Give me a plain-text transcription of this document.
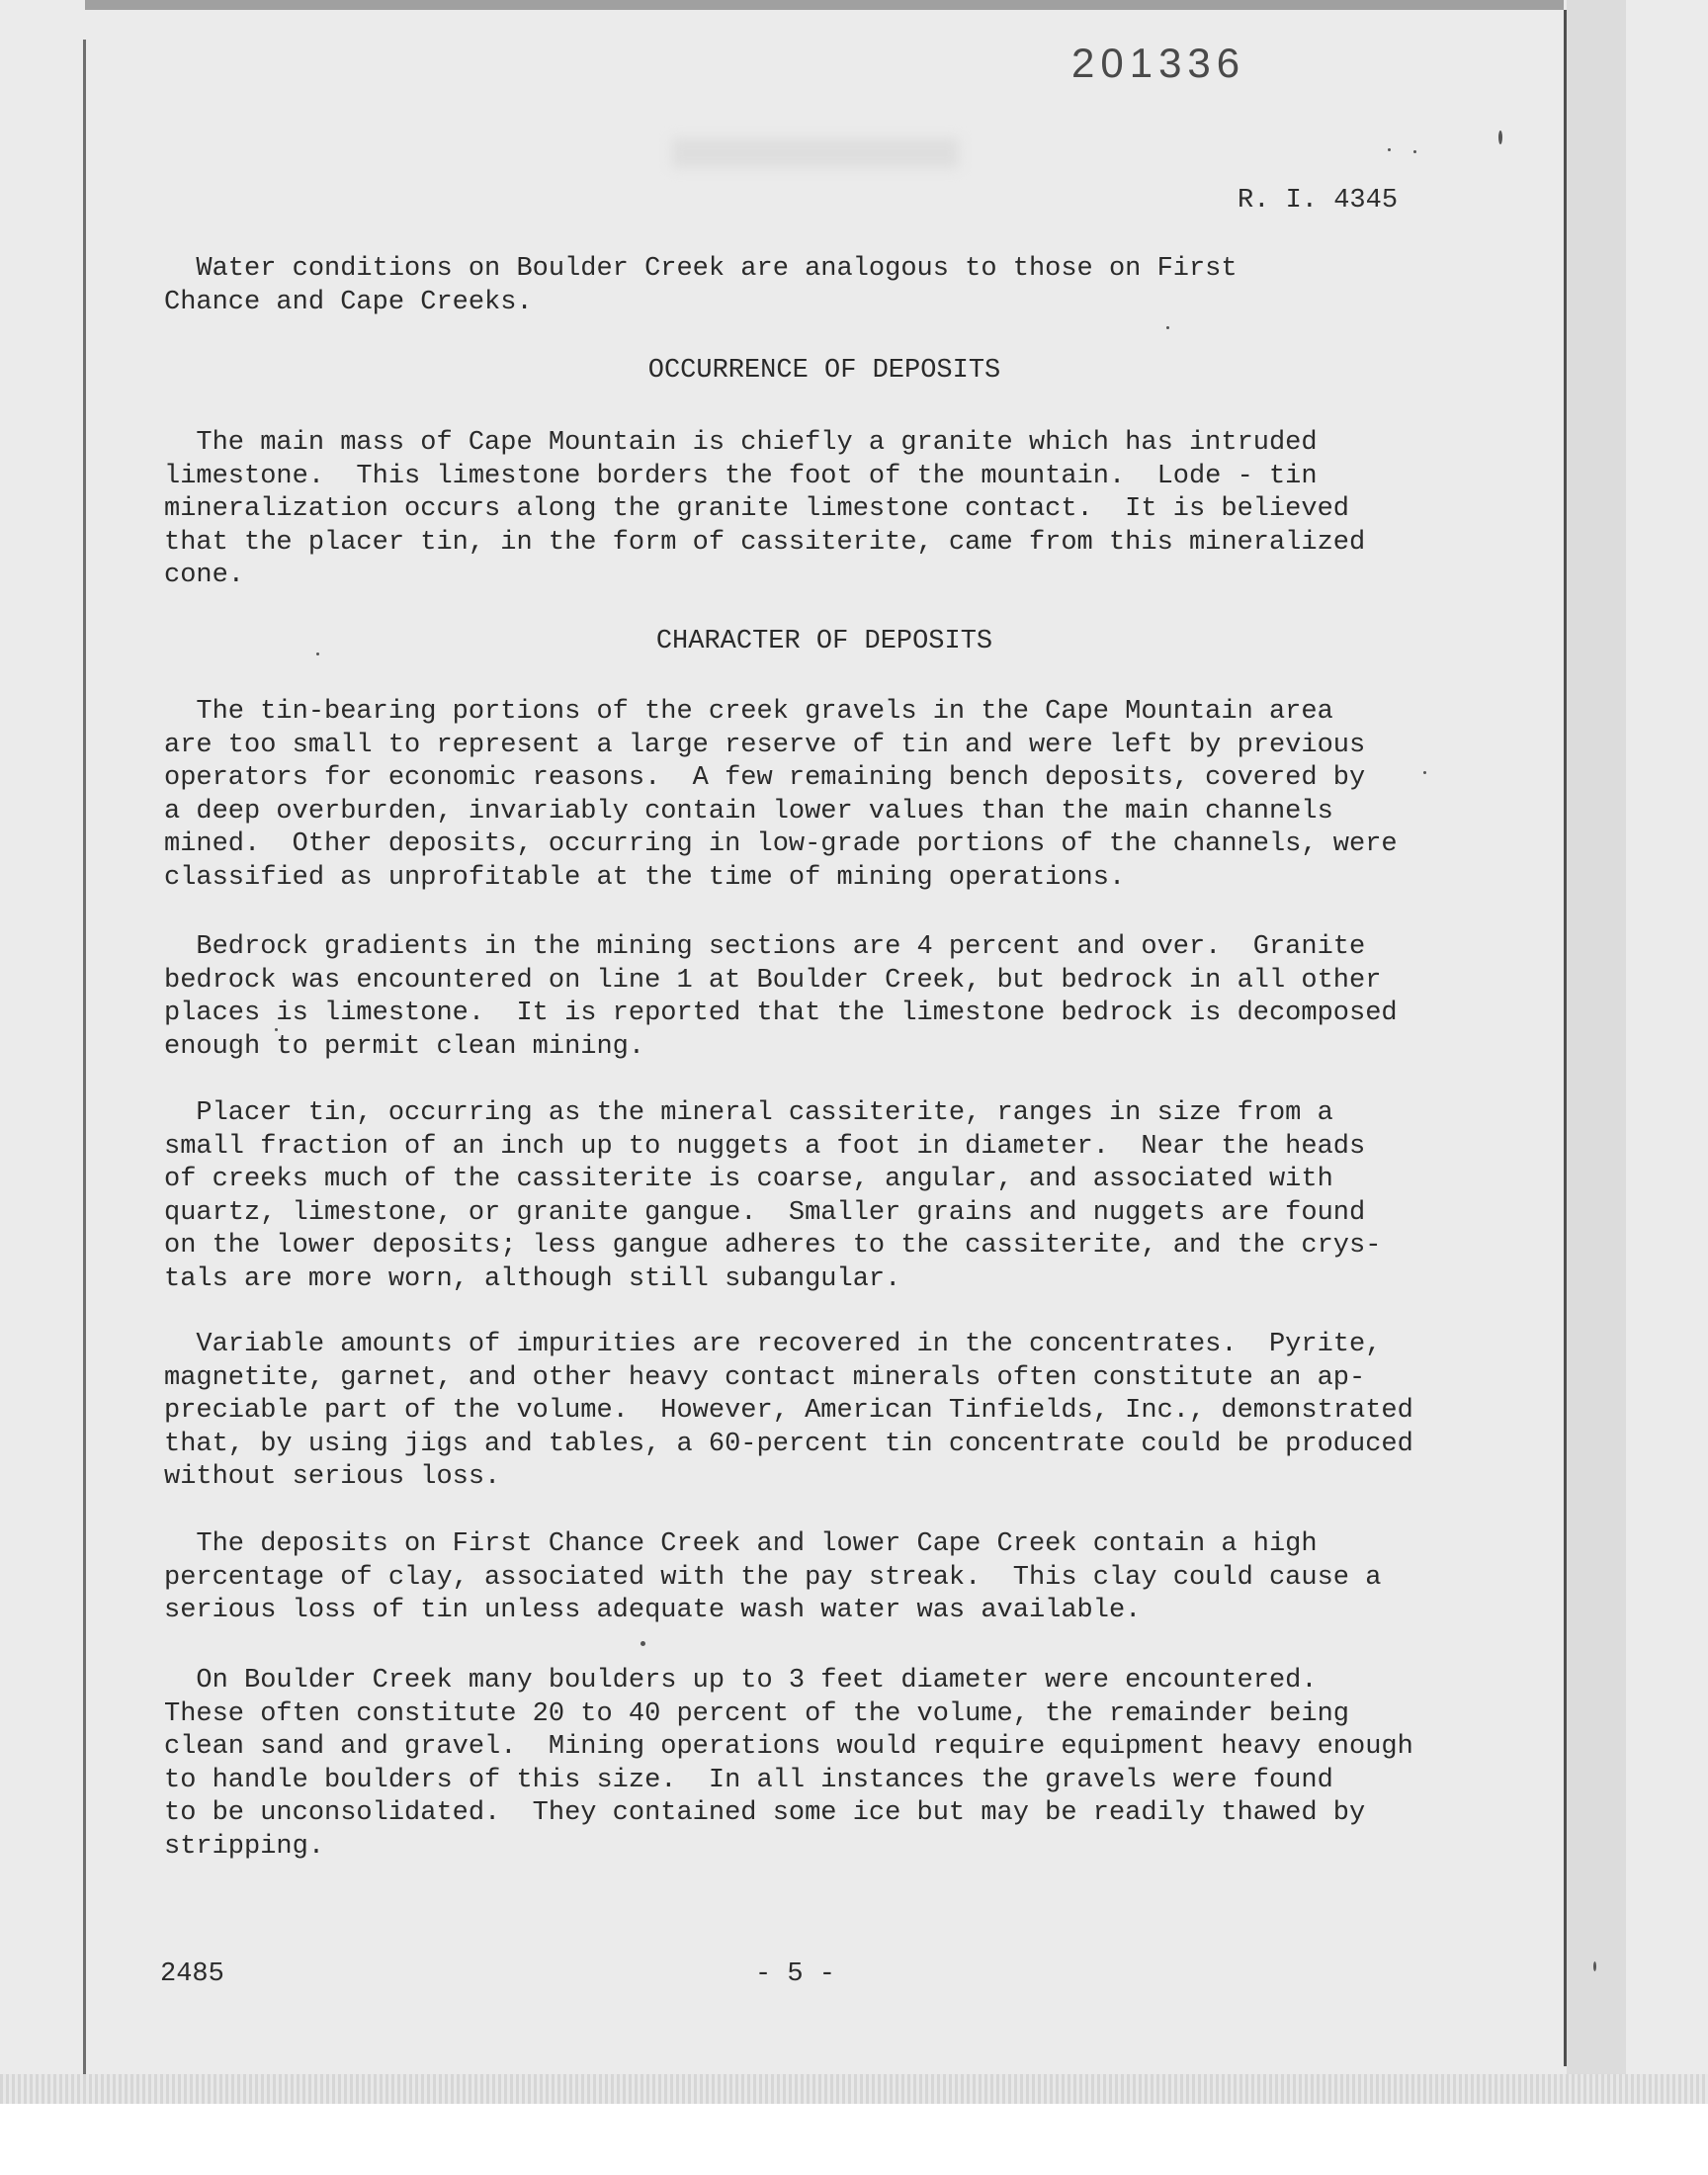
201336
R. I. 4345
Water conditions on Boulder Creek are analogous to those on First
Chance and Cape Creeks.
OCCURRENCE OF DEPOSITS
The main mass of Cape Mountain is chiefly a granite which has intruded
limestone.  This limestone borders the foot of the mountain.  Lode - tin
mineralization occurs along the granite limestone contact.  It is believed
that the placer tin, in the form of cassiterite, came from this mineralized
cone.
CHARACTER OF DEPOSITS
The tin-bearing portions of the creek gravels in the Cape Mountain area
are too small to represent a large reserve of tin and were left by previous
operators for economic reasons.  A few remaining bench deposits, covered by
a deep overburden, invariably contain lower values than the main channels
mined.  Other deposits, occurring in low-grade portions of the channels, were
classified as unprofitable at the time of mining operations.
Bedrock gradients in the mining sections are 4 percent and over.  Granite
bedrock was encountered on line 1 at Boulder Creek, but bedrock in all other
places is limestone.  It is reported that the limestone bedrock is decomposed
enough to permit clean mining.
Placer tin, occurring as the mineral cassiterite, ranges in size from a
small fraction of an inch up to nuggets a foot in diameter.  Near the heads
of creeks much of the cassiterite is coarse, angular, and associated with
quartz, limestone, or granite gangue.  Smaller grains and nuggets are found
on the lower deposits; less gangue adheres to the cassiterite, and the crys-
tals are more worn, although still subangular.
Variable amounts of impurities are recovered in the concentrates.  Pyrite,
magnetite, garnet, and other heavy contact minerals often constitute an ap-
preciable part of the volume.  However, American Tinfields, Inc., demonstrated
that, by using jigs and tables, a 60-percent tin concentrate could be produced
without serious loss.
The deposits on First Chance Creek and lower Cape Creek contain a high
percentage of clay, associated with the pay streak.  This clay could cause a
serious loss of tin unless adequate wash water was available.
On Boulder Creek many boulders up to 3 feet diameter were encountered.
These often constitute 20 to 40 percent of the volume, the remainder being
clean sand and gravel.  Mining operations would require equipment heavy enough
to handle boulders of this size.  In all instances the gravels were found
to be unconsolidated.  They contained some ice but may be readily thawed by
stripping.
2485	- 5 -
